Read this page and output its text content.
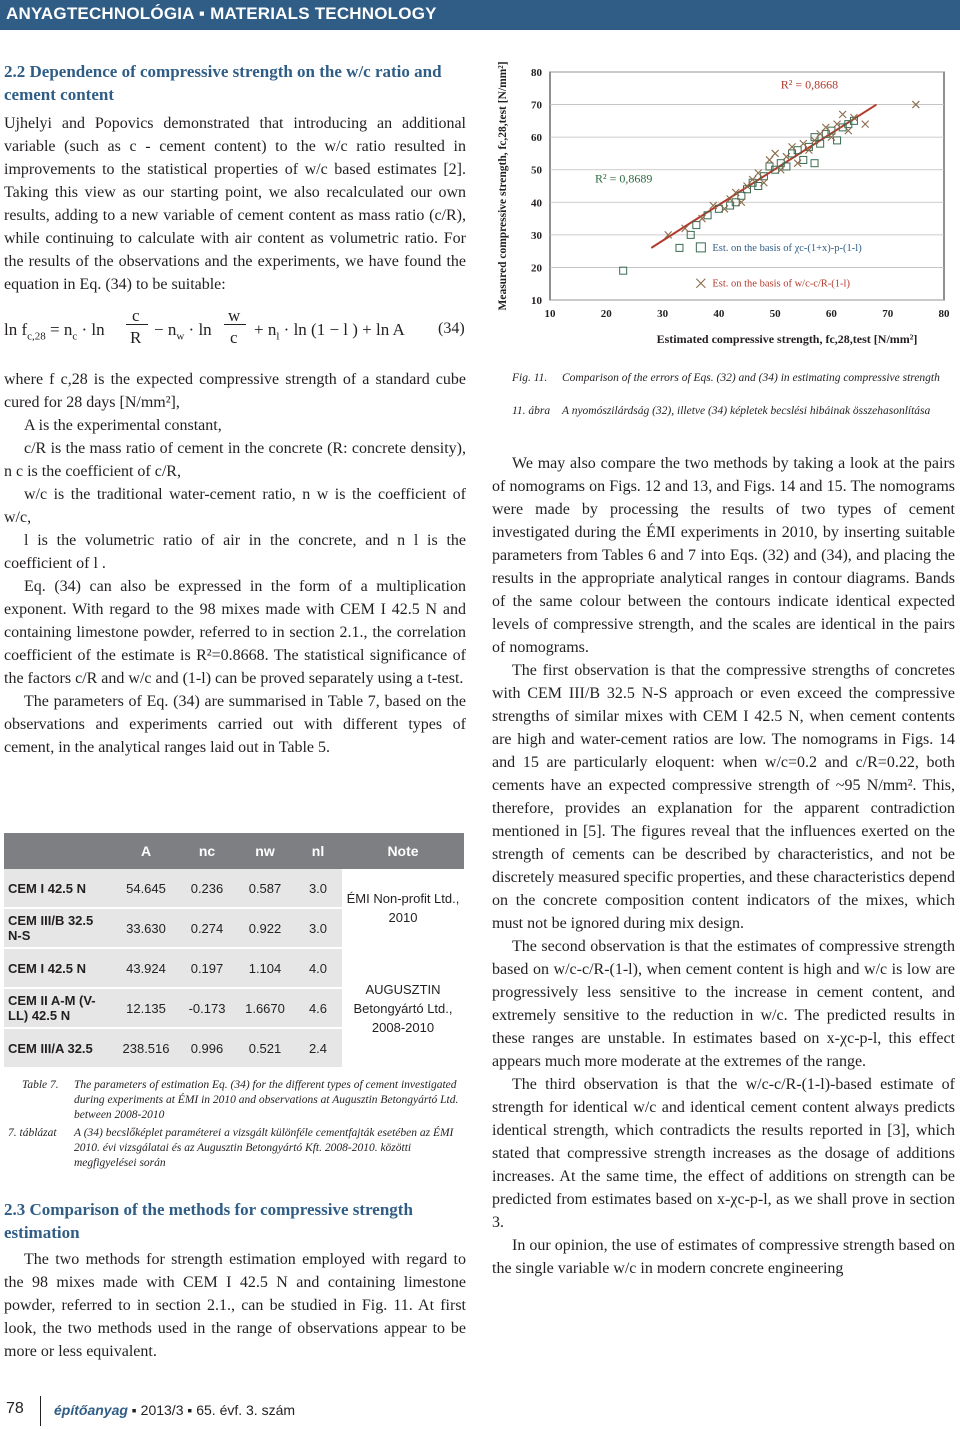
ANYAGTECHNOLÓGIA ▪ MATERIALS TECHNOLOGY
2.2 Dependence of compressive strength on the w/c ratio and cement content

Ujhelyi and Popovics demonstrated that introducing an additional variable (such as c - cement content) to the w/c ratio resulted in improvements to the statistical properties of w/c based estimates [2]. Taking this view as our starting point, we also recalculated our own results, adding to a new variable of cement content as mass ratio (c/R), while continuing to calculate with air content as volumetric ratio. For the results of the observations and the experiments, we have found the equation in Eq. (34) to be suitable:

$\ln f_{c,28} = n_c \cdot \ln$
c
$R - n_w \cdot \ln$
w
$c + n_l \cdot \ln (1 - l$ ) + ln A (34)

where f c,28 is the expected compressive strength of a standard cube cured for 28 days [N/mm²],

A is the experimental constant,

c/R is the mass ratio of cement in the concrete (R: concrete density), n c is the coefficient of c/R,

w/c is the traditional water-cement ratio, n w is the coefficient of w/c,

l is the volumetric ratio of air in the concrete, and n l is the coefficient of l .

Eq. (34) can also be expressed in the form of a multiplication exponent. With regard to the 98 mixes made with CEM I 42.5 N and containing limestone powder, referred to in section 2.1., the correlation coefficient of the estimate is R²=0.8668. The statistical significance of the factors c/R and w/c and (1-l) can be proved separately using a t-test.

The parameters of Eq. (34) are summarised in Table 7, based on the observations and experiments carried out with different types of cement, in the analytical ranges laid out in Table 5.

	A	nc	nw	nl	Note
CEM I 42.5 N	54.645	0.236	0.587	3.0	ÉMI Non-profit Ltd., 2010
CEM III/B 32.5 N-S	33.630	0.274	0.922	3.0	
CEM I 42.5 N	43.924	0.197	1.104	4.0	AUGUSZTIN Betongyártó Ltd., 2008-2010
CEM II A-M (V-LL) 42.5 N	12.135	-0.173	1.6670	4.6	
CEM III/A 32.5	238.516	0.996	0.521	2.4	
Table 7. The parameters of estimation Eq. (34) for the different types of cement investigated during experiments at ÉMI in 2010 and observations at Augusztin Betongyártó Ltd. between 2008-2010
7. táblázat A (34) becslőképlet paraméterei a vizsgált különféle cementfajták esetében az ÉMI 2010. évi vizsgálatai és az Augusztin Betongyártó Kft. 2008-2010. közötti megfigyelései során
2.3 Comparison of the methods for compressive strength estimation

The two methods for strength estimation employed with regard to the 98 mixes made with CEM I 42.5 N and containing limestone powder, referred to in section 2.1., can be studied in Fig. 11. At first look, the two methods used in the range of observations appear to be more or less equivalent.

10
20
30
40
50
60
70
80
10	20	30	40	50	60	70	80
Estimated compressive strength, fc,28,test [N/mm²]
Measured compressive strength, fc,28,test [N/mm²]	R² = 0,8689
R² = 0,8668
Est. on the basis of χc-(1+x)-p-(1-l)
Est. on the basis of w/c-c/R-(1-l)
Fig. 11. Comparison of the errors of Eqs. (32) and (34) in estimating compressive strength
11. ábra A nyomószilárdság (32), illetve (34) képletek becslési hibáinak összehasonlítása

We may also compare the two methods by taking a look at the pairs of nomograms on Figs. 12 and 13, and Figs. 14 and 15. The nomograms were made by processing the results of two types of cement investigated during the ÉMI experiments in 2010, by inserting suitable parameters from Tables 6 and 7 into Eqs. (32) and (34), and placing the results in the appropriate analytical ranges in contour diagrams. Bands of the same colour between the contours indicate identical expected levels of compressive strength, and the scales are identical in the pairs of nomograms.

The first observation is that the compressive strengths of concretes with CEM III/B 32.5 N-S approach or even exceed the compressive strengths of similar mixes with CEM I 42.5 N, when cement contents are high and water-cement ratios are low. The nomograms in Figs. 14 and 15 are particularly eloquent: when w/c=0.2 and c/R=0.22, both cements have an expected compressive strength of ~95 N/mm². This, therefore, provides an explanation for the apparent contradiction mentioned in [5]. The figures reveal that the influences exerted on the strength of cements can be described by characteristics, and not be discretely measured specific properties, and these characteristics depend on the concrete composition content indicators of the mixes, which must not be ignored during mix design.

The second observation is that the estimates of compressive strength based on w/c-c/R-(1-l), when cement content is high and w/c is low are progressively less sensitive to the increase in cement content, and extremely sensitive to the reduction in w/c. The predicted results in these ranges are unstable. In estimates based on x-χc-p-l, this effect appears much more moderate at the extremes of the range.

The third observation is that the w/c-c/R-(1-l)-based estimate of strength for identical w/c and identical cement content always predicts identical strength, which contradicts the results reported in [3], which stated that compressive strength increases as the dosage of additions increases. At the same time, the effect of additions on strength can be predicted from estimates based on x-χc-p-l, as we shall prove in section 3.

In our opinion, the use of estimates of compressive strength based on the single variable w/c in modern concrete engineering

78 építőanyag ▪ 2013/3 ▪ 65. évf. 3. szám
